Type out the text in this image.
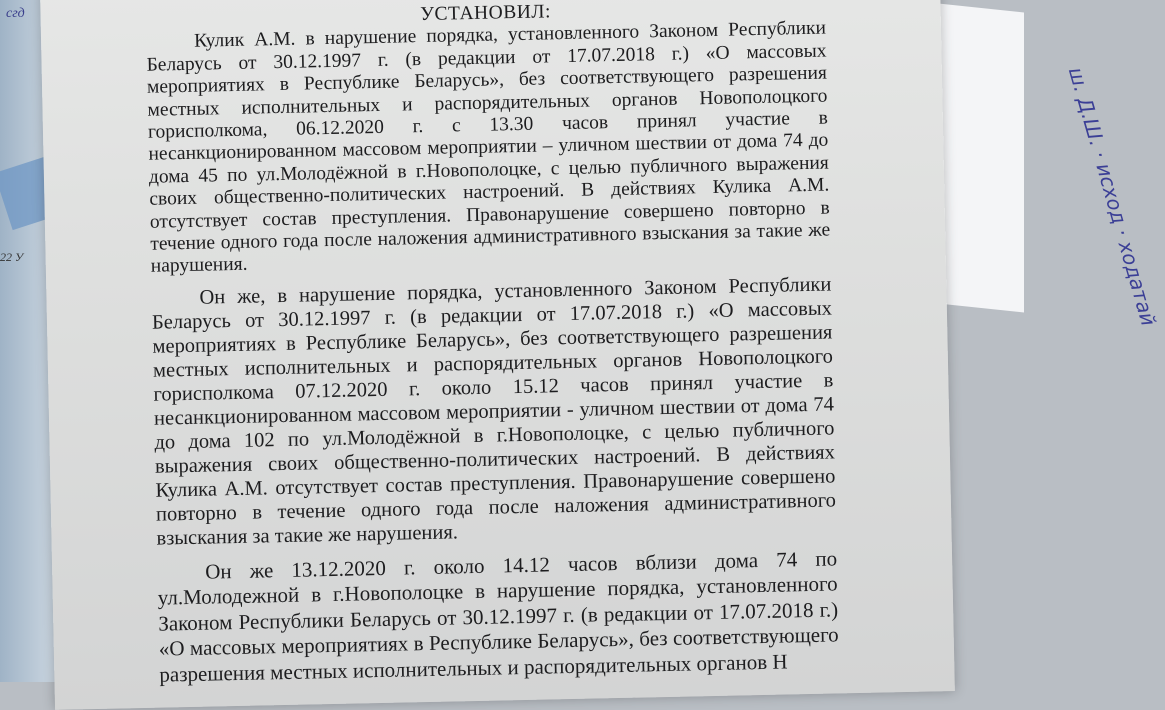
сгд
22 У	ш. Д.Ш. · исход · ходатай

УСТАНОВИЛ:

Кулик А.М. в нарушение порядка, установленного Законом Республики Беларусь от 30.12.1997 г. (в редакции от 17.07.2018 г.) «О массовых мероприятиях в Республике Беларусь», без соответствующего разрешения местных исполнительных и распорядительных органов Новополоцкого горисполкома, 06.12.2020 г. с 13.30 часов принял участие в несанкционированном массовом мероприятии – уличном шествии от дома 74 до дома 45 по ул.Молодёжной в г.Новополоцке, с целью публичного выражения своих общественно-политических настроений. В действиях Кулика А.М. отсутствует состав преступления. Правонарушение совершено повторно в течение одного года после наложения административного взыскания за такие же нарушения.

Он же, в нарушение порядка, установленного Законом Республики Беларусь от 30.12.1997 г. (в редакции от 17.07.2018 г.) «О массовых мероприятиях в Республике Беларусь», без соответствующего разрешения местных исполнительных и распорядительных органов Новополоцкого горисполкома 07.12.2020 г. около 15.12 часов принял участие в несанкционированном массовом мероприятии - уличном шествии от дома 74 до дома 102 по ул.Молодёжной в г.Новополоцке, с целью публичного выражения своих общественно-политических настроений. В действиях Кулика А.М. отсутствует состав преступления. Правонарушение совершено повторно в течение одного года после наложения административного взыскания за такие же нарушения.

Он же 13.12.2020 г. около 14.12 часов вблизи дома 74 по ул.Молодежной в г.Новополоцке в нарушение порядка, установленного Законом Республики Беларусь от 30.12.1997 г. (в редакции от 17.07.2018 г.) «О массовых мероприятиях в Республике Беларусь», без соответствующего разрешения местных исполнительных и распорядительных органов Н
